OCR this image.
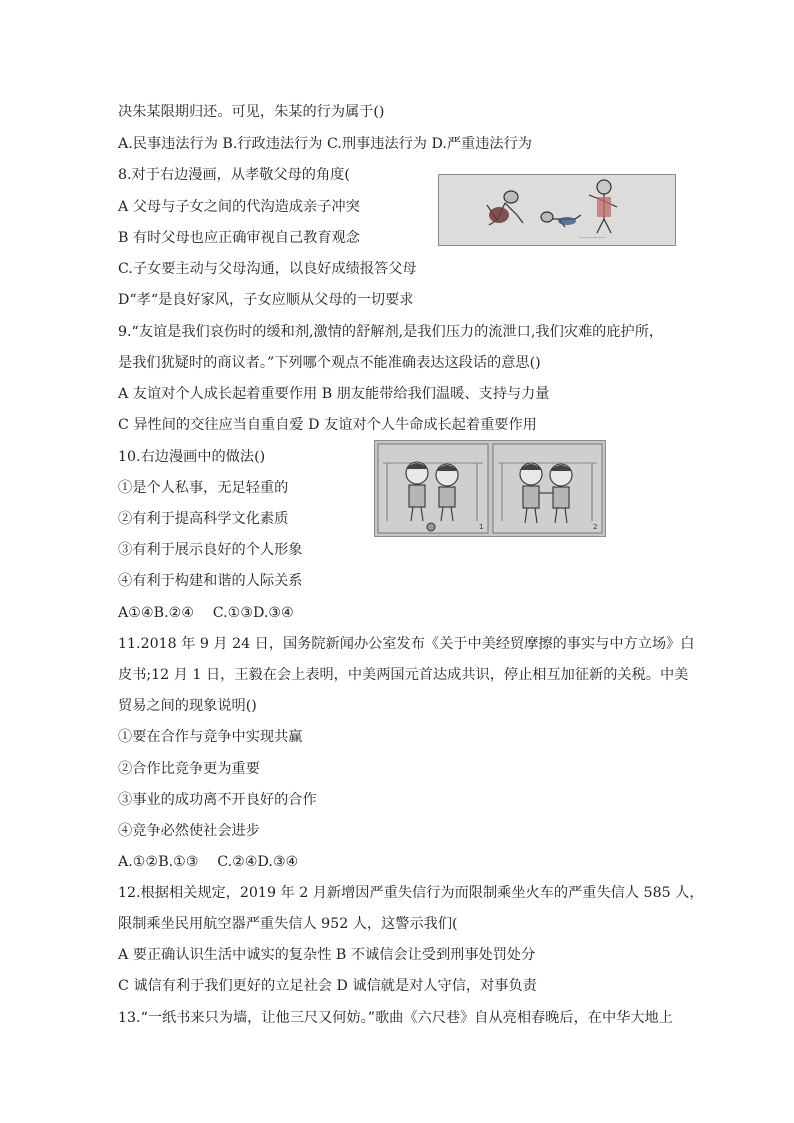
决朱某限期归还。可见，朱某的行为属于()
A.民事违法行为 B.行政违法行为 C.刑事违法行为 D.严重违法行为
8.对于右边漫画，从孝敬父母的角度(
A 父母与子女之间的代沟造成亲子冲突
B 有时父母也应正确审视自己教育观念
C.子女要主动与父母沟通，以良好成绩报答父母
D“孝“是良好家风，子女应顺从父母的一切要求
9.“友谊是我们哀伤时的缓和剂,激情的舒解剂,是我们压力的流泄口,我们灾难的庇护所，
是我们犹疑时的商议者。”下列哪个观点不能准确表达这段话的意思()
A 友谊对个人成长起着重要作用 B 朋友能带给我们温暖、支持与力量
C 异性间的交往应当自重自爱 D 友谊对个人牛命成长起着重要作用
10.右边漫画中的做法()
①是个人私事，无足轻重的
②有利于提高科学文化素质
③有利于展示良好的个人形象
④有利于构建和谐的人际关系
A①④B.②④　 C.①③D.③④
11.2018 年 9 月 24 日，国务院新闻办公室发布《关于中美经贸摩擦的事实与中方立场》白
皮书;12 月 1 日，王毅在会上表明，中美两国元首达成共识，停止相互加征新的关税。中美
贸易之间的现象说明()
①要在合作与竞争中实现共赢
②合作比竞争更为重要
③事业的成功离不开良好的合作
④竞争必然使社会进步
A.①②B.①③　 C.②④D.③④
12.根据相关规定，2019 年 2 月新增因严重失信行为而限制乘坐火车的严重失信人 585 人，
限制乘坐民用航空器严重失信人 952 人，这警示我们(
A 要正确认识生活中诚实的复杂性 B 不诚信会让受到刑事处罚处分
C 诚信有利于我们更好的立足社会 D 诚信就是对人守信，对事负责
13.“一纸书来只为墙，让他三尺又何妨。”歌曲《六尺巷》自从亮相春晚后，在中华大地上
——·——·——
1	2
